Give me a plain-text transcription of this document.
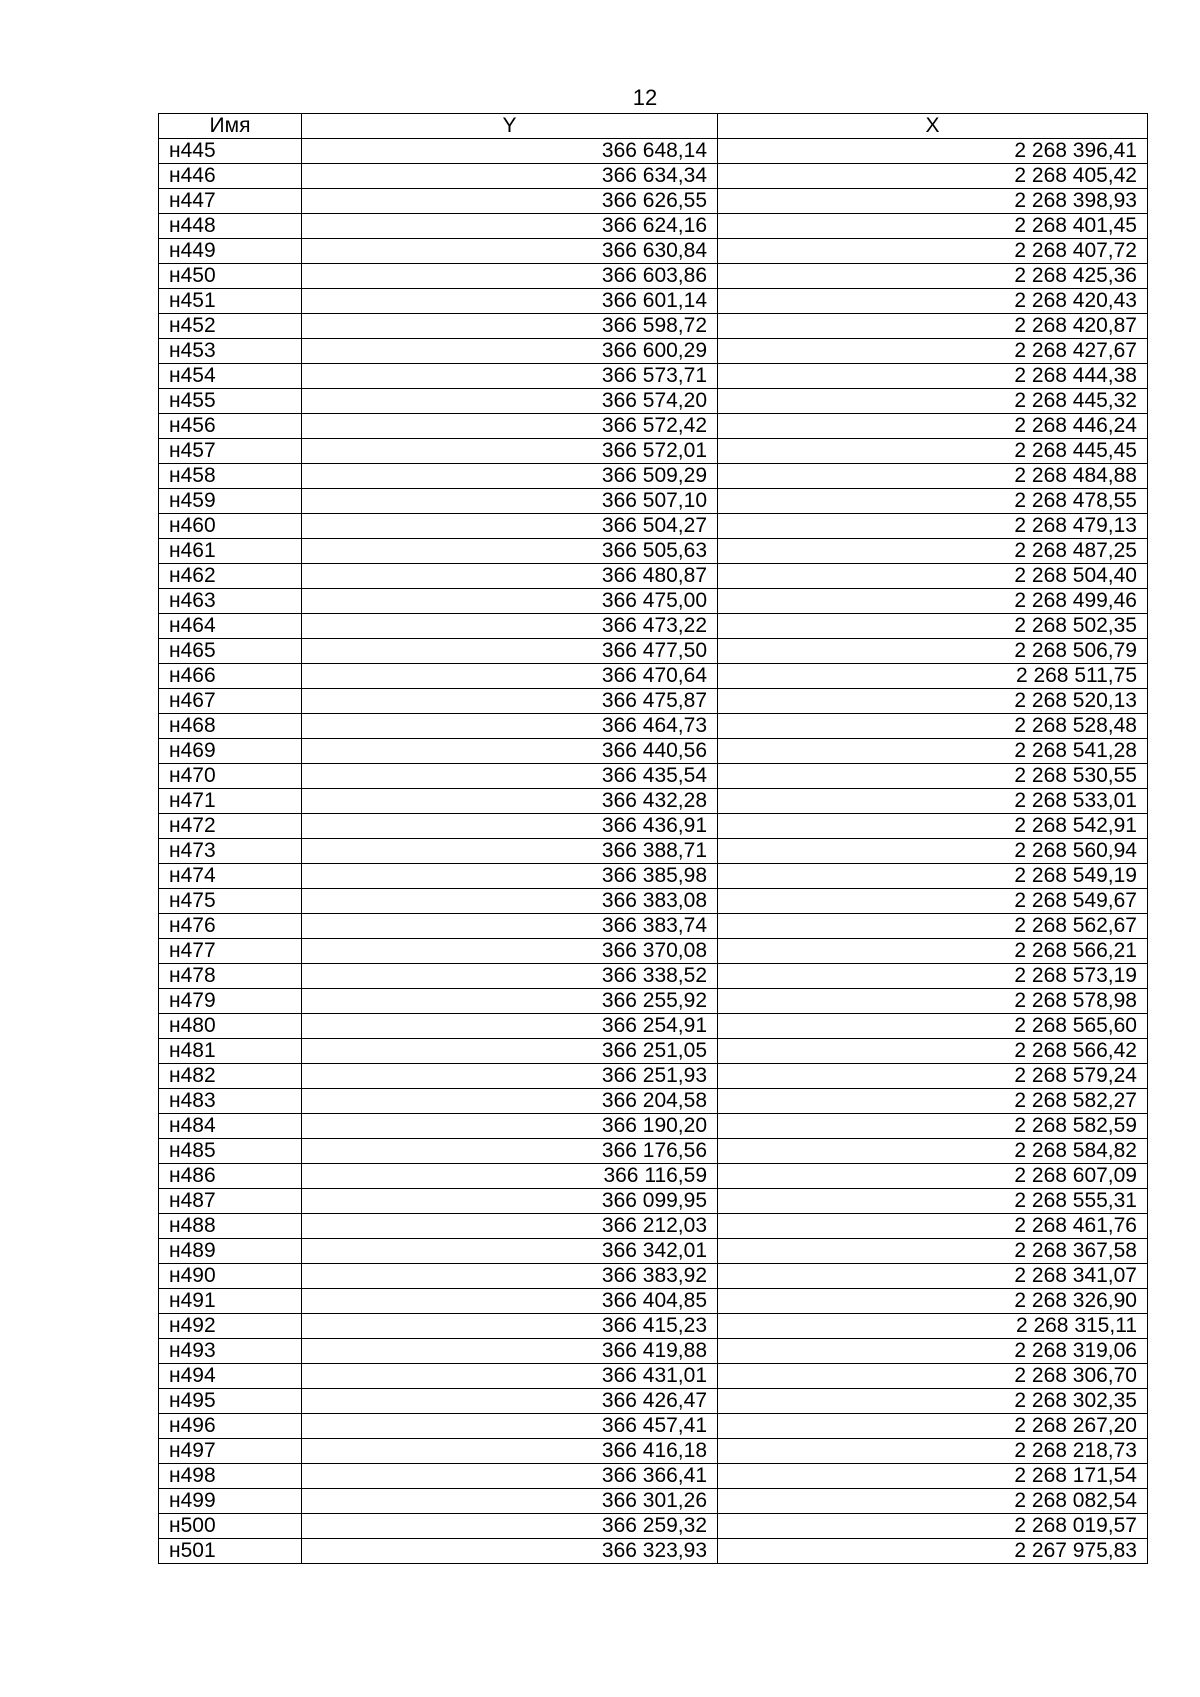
12
Имя	Y	X
н445	366 648,14	2 268 396,41
н446	366 634,34	2 268 405,42
н447	366 626,55	2 268 398,93
н448	366 624,16	2 268 401,45
н449	366 630,84	2 268 407,72
н450	366 603,86	2 268 425,36
н451	366 601,14	2 268 420,43
н452	366 598,72	2 268 420,87
н453	366 600,29	2 268 427,67
н454	366 573,71	2 268 444,38
н455	366 574,20	2 268 445,32
н456	366 572,42	2 268 446,24
н457	366 572,01	2 268 445,45
н458	366 509,29	2 268 484,88
н459	366 507,10	2 268 478,55
н460	366 504,27	2 268 479,13
н461	366 505,63	2 268 487,25
н462	366 480,87	2 268 504,40
н463	366 475,00	2 268 499,46
н464	366 473,22	2 268 502,35
н465	366 477,50	2 268 506,79
н466	366 470,64	2 268 511,75
н467	366 475,87	2 268 520,13
н468	366 464,73	2 268 528,48
н469	366 440,56	2 268 541,28
н470	366 435,54	2 268 530,55
н471	366 432,28	2 268 533,01
н472	366 436,91	2 268 542,91
н473	366 388,71	2 268 560,94
н474	366 385,98	2 268 549,19
н475	366 383,08	2 268 549,67
н476	366 383,74	2 268 562,67
н477	366 370,08	2 268 566,21
н478	366 338,52	2 268 573,19
н479	366 255,92	2 268 578,98
н480	366 254,91	2 268 565,60
н481	366 251,05	2 268 566,42
н482	366 251,93	2 268 579,24
н483	366 204,58	2 268 582,27
н484	366 190,20	2 268 582,59
н485	366 176,56	2 268 584,82
н486	366 116,59	2 268 607,09
н487	366 099,95	2 268 555,31
н488	366 212,03	2 268 461,76
н489	366 342,01	2 268 367,58
н490	366 383,92	2 268 341,07
н491	366 404,85	2 268 326,90
н492	366 415,23	2 268 315,11
н493	366 419,88	2 268 319,06
н494	366 431,01	2 268 306,70
н495	366 426,47	2 268 302,35
н496	366 457,41	2 268 267,20
н497	366 416,18	2 268 218,73
н498	366 366,41	2 268 171,54
н499	366 301,26	2 268 082,54
н500	366 259,32	2 268 019,57
н501	366 323,93	2 267 975,83
